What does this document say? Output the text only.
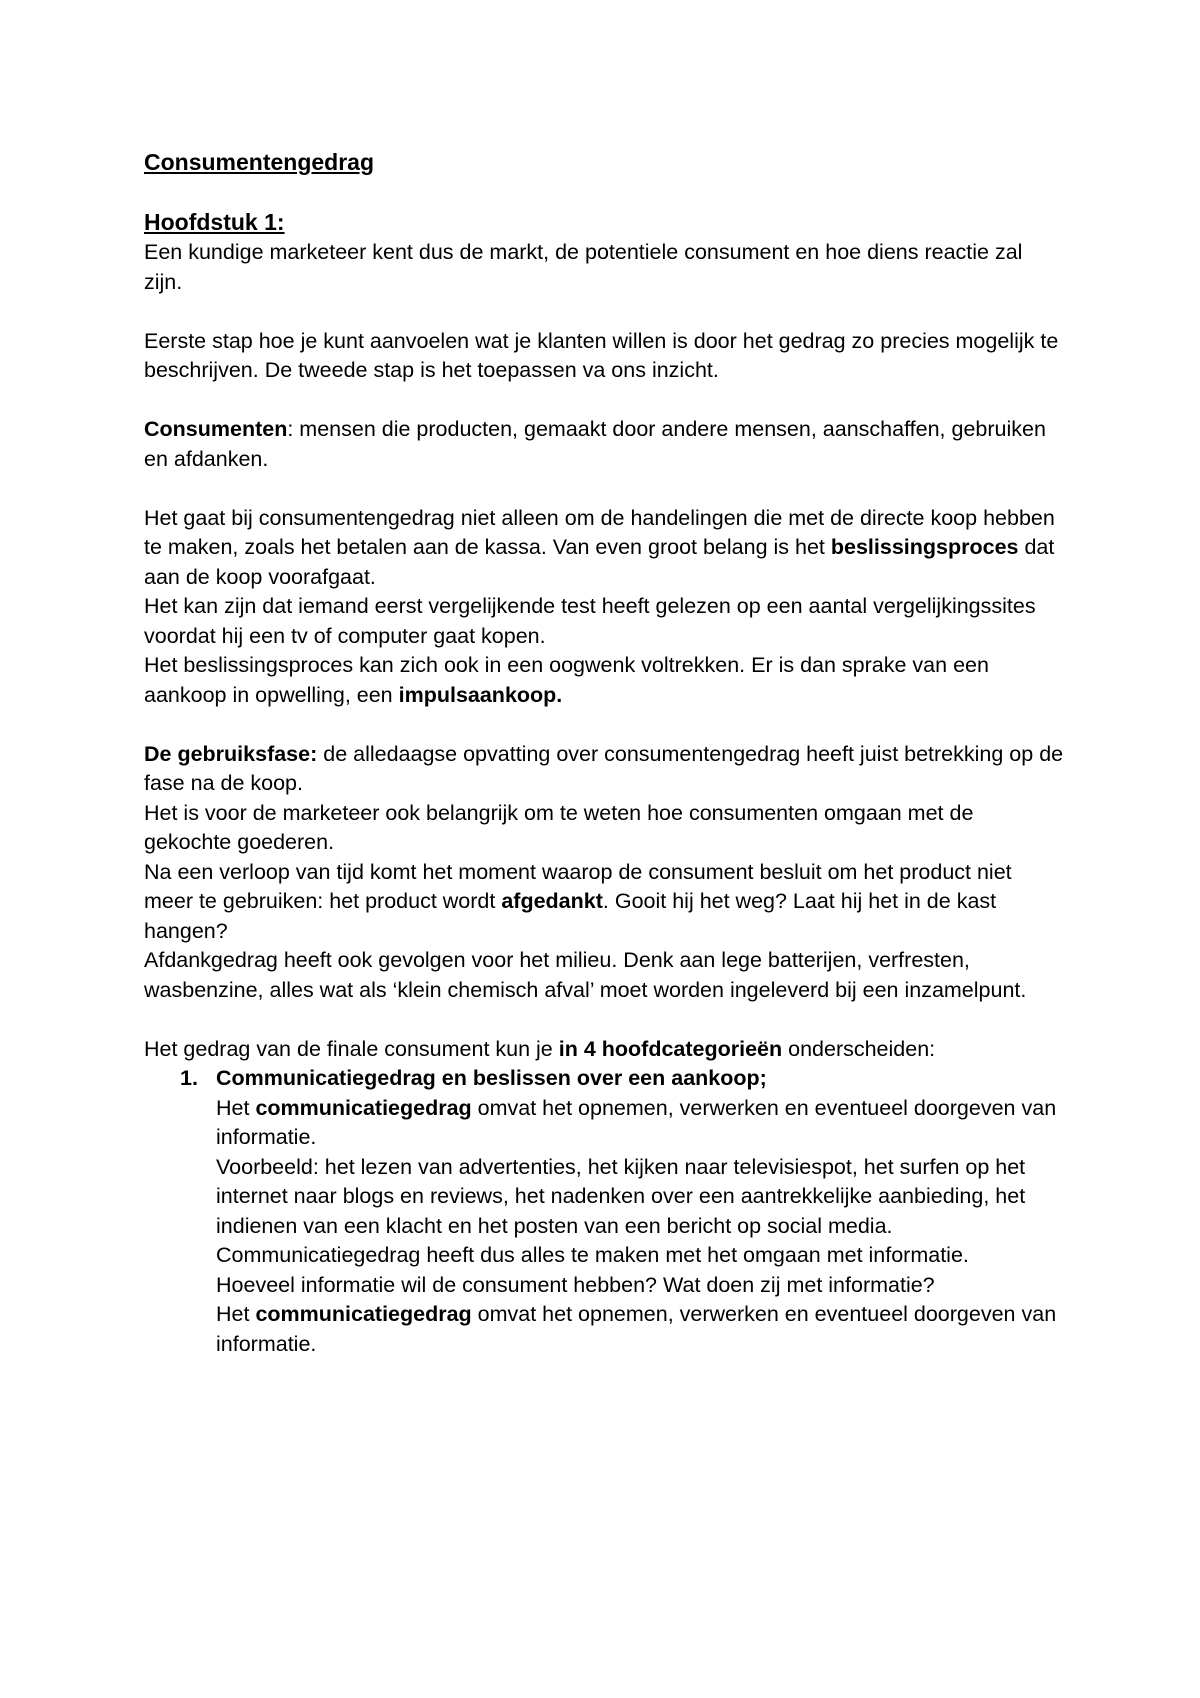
Consumentengedrag
Hoofdstuk 1:

Een kundige marketeer kent dus de markt, de potentiele consument en hoe diens reactie zal zijn.

Eerste stap hoe je kunt aanvoelen wat je klanten willen is door het gedrag zo precies mogelijk te beschrijven. De tweede stap is het toepassen va ons inzicht.

Consumenten: mensen die producten, gemaakt door andere mensen, aanschaffen, gebruiken en afdanken.

Het gaat bij consumentengedrag niet alleen om de handelingen die met de directe koop hebben te maken, zoals het betalen aan de kassa. Van even groot belang is het beslissingsproces dat aan de koop voorafgaat.

Het kan zijn dat iemand eerst vergelijkende test heeft gelezen op een aantal vergelijkingssites voordat hij een tv of computer gaat kopen.

Het beslissingsproces kan zich ook in een oogwenk voltrekken. Er is dan sprake van een aankoop in opwelling, een impulsaankoop.

De gebruiksfase: de alledaagse opvatting over consumentengedrag heeft juist betrekking op de fase na de koop.

Het is voor de marketeer ook belangrijk om te weten hoe consumenten omgaan met de gekochte goederen.

Na een verloop van tijd komt het moment waarop de consument besluit om het product niet meer te gebruiken: het product wordt afgedankt. Gooit hij het weg? Laat hij het in de kast hangen?

Afdankgedrag heeft ook gevolgen voor het milieu. Denk aan lege batterijen, verfresten, wasbenzine, alles wat als ‘klein chemisch afval’ moet worden ingeleverd bij een inzamelpunt.

Het gedrag van de finale consument kun je in 4 hoofdcategorieën onderscheiden:

1. Communicatiegedrag en beslissen over een aankoop;
Het communicatiegedrag omvat het opnemen, verwerken en eventueel doorgeven van informatie.
Voorbeeld: het lezen van advertenties, het kijken naar televisiespot, het surfen op het internet naar blogs en reviews, het nadenken over een aantrekkelijke aanbieding, het indienen van een klacht en het posten van een bericht op social media.
Communicatiegedrag heeft dus alles te maken met het omgaan met informatie.
Hoeveel informatie wil de consument hebben? Wat doen zij met informatie?
Het communicatiegedrag omvat het opnemen, verwerken en eventueel doorgeven van informatie.
